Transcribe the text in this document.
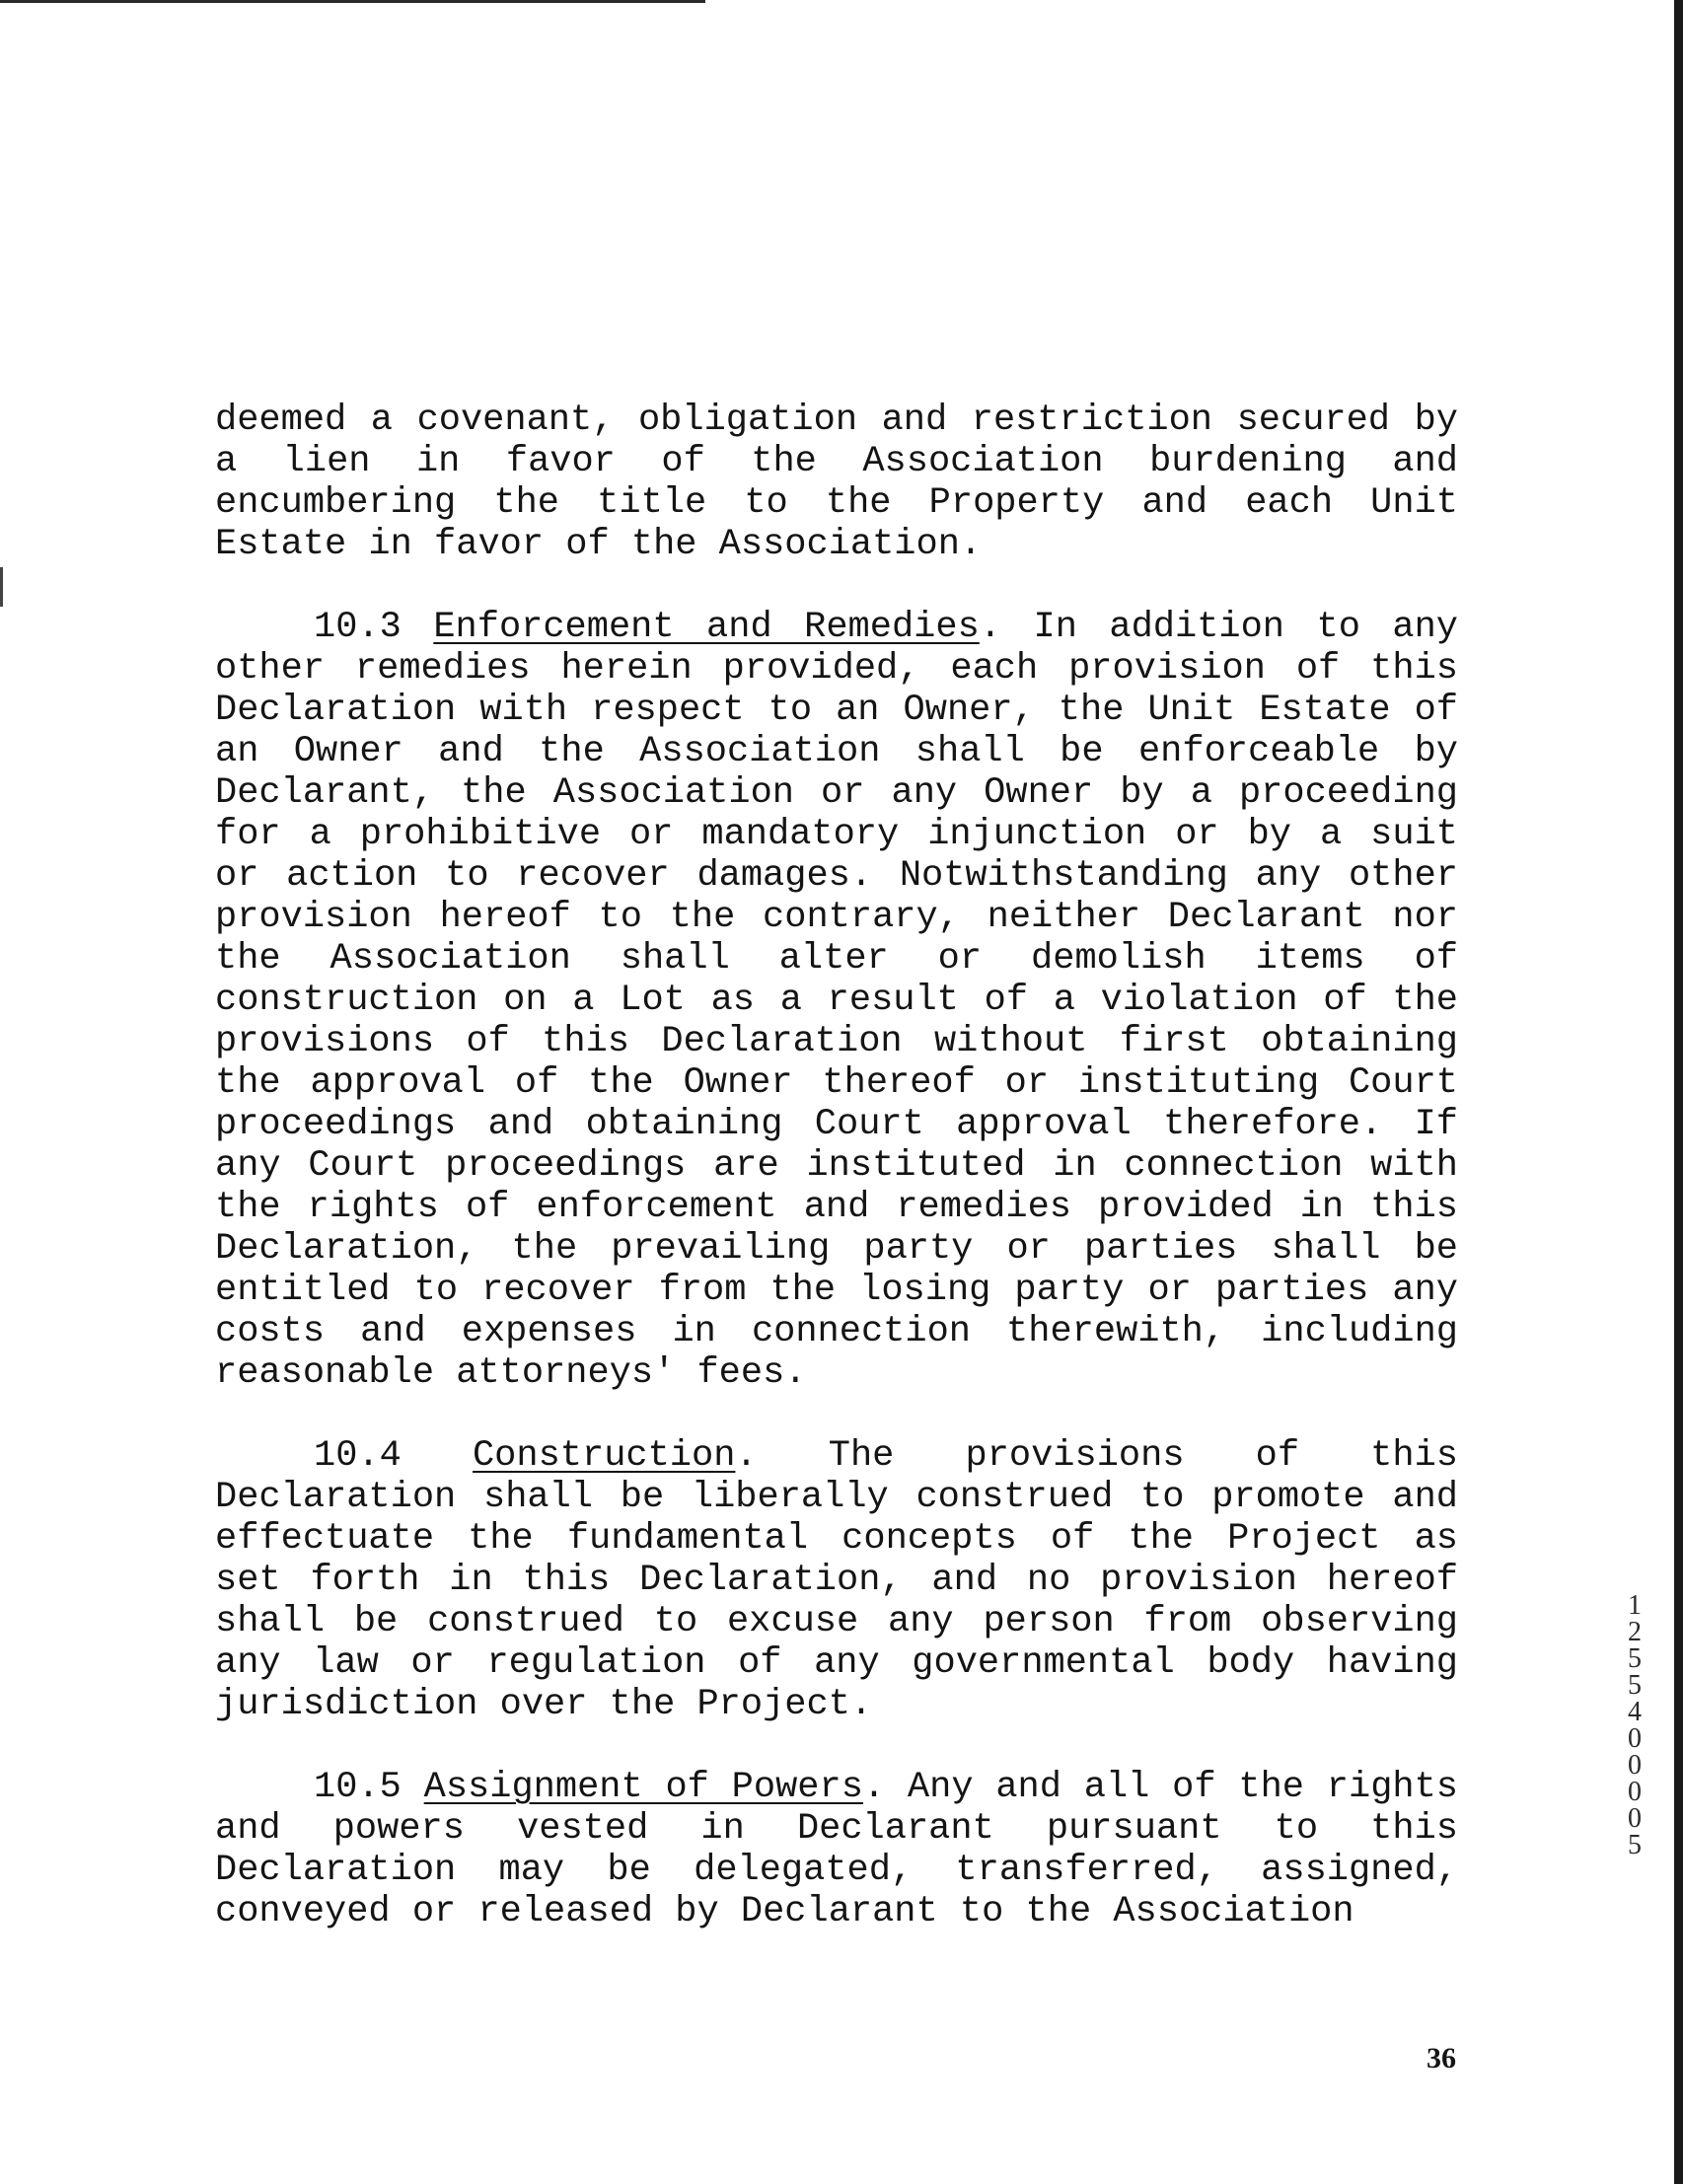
deemed a covenant, obligation and restriction secured by a lien in favor of the Association burdening and encumbering the title to the Property and each Unit Estate in favor of the Association.

10.3 Enforcement and Remedies. In addition to any other remedies herein provided, each provision of this Declaration with respect to an Owner, the Unit Estate of an Owner and the Association shall be enforceable by Declarant, the Association or any Owner by a proceeding for a prohibitive or mandatory injunction or by a suit or action to recover damages. Notwithstanding any other provision hereof to the contrary, neither Declarant nor the Association shall alter or demolish items of construction on a Lot as a result of a violation of the provisions of this Declaration without first obtaining the approval of the Owner thereof or instituting Court proceedings and obtaining Court approval therefore. If any Court proceedings are instituted in connection with the rights of enforcement and remedies provided in this Declaration, the prevailing party or parties shall be entitled to recover from the losing party or parties any costs and expenses in connection therewith, including reasonable attorneys' fees.

10.4 Construction. The provisions of this Declaration shall be liberally construed to promote and effectuate the fundamental concepts of the Project as set forth in this Declaration, and no provision hereof shall be construed to excuse any person from observing any law or regulation of any governmental body having jurisdiction over the Project.

10.5 Assignment of Powers. Any and all of the rights and powers vested in Declarant pursuant to this Declaration may be delegated, transferred, assigned, conveyed or released by Declarant to the Association

36
12554 00005
